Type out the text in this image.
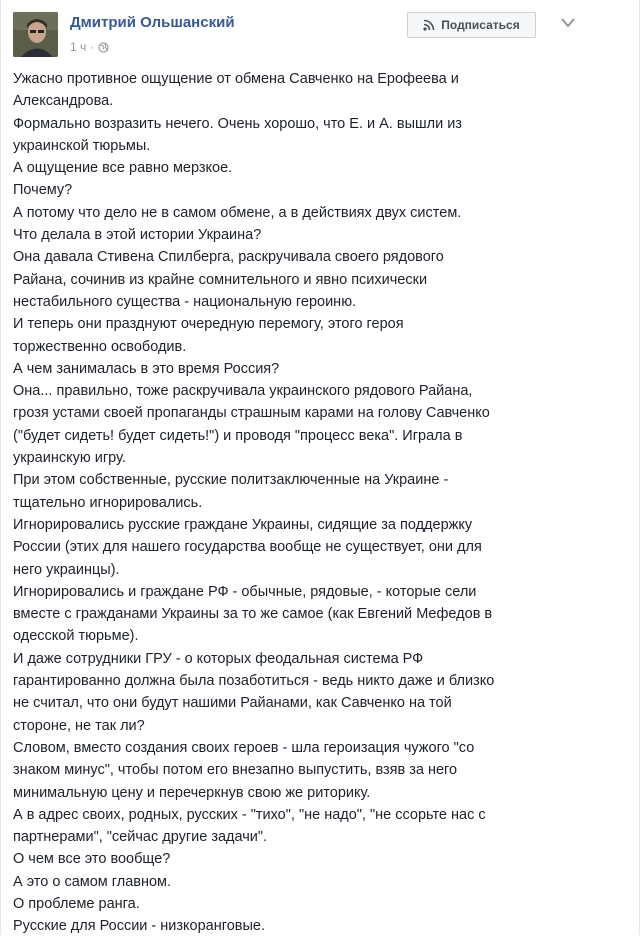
Дмитрий Ольшанский
1 ч ·
Подписаться
Ужасно противное ощущение от обмена Савченко на Ерофеева и
Александрова.
Формально возразить нечего. Очень хорошо, что Е. и А. вышли из
украинской тюрьмы.
А ощущение все равно мерзкое.
Почему?
А потому что дело не в самом обмене, а в действиях двух систем.
Что делала в этой истории Украина?
Она давала Стивена Спилберга, раскручивала своего рядового
Райана, сочинив из крайне сомнительного и явно психически
нестабильного существа - национальную героиню.
И теперь они празднуют очередную перемогу, этого героя
торжественно освободив.
А чем занималась в это время Россия?
Она... правильно, тоже раскручивала украинского рядового Райана,
грозя устами своей пропаганды страшным карами на голову Савченко
("будет сидеть! будет сидеть!") и проводя "процесс века". Играла в
украинскую игру.
При этом собственные, русские политзаключенные на Украине -
тщательно игнорировались.
Игнорировались русские граждане Украины, сидящие за поддержку
России (этих для нашего государства вообще не существует, они для
него украинцы).
Игнорировались и граждане РФ - обычные, рядовые, - которые сели
вместе с гражданами Украины за то же самое (как Евгений Мефедов в
одесской тюрьме).
И даже сотрудники ГРУ - о которых феодальная система РФ
гарантированно должна была позаботиться - ведь никто даже и близко
не считал, что они будут нашими Райанами, как Савченко на той
стороне, не так ли?
Словом, вместо создания своих героев - шла героизация чужого "со
знаком минус", чтобы потом его внезапно выпустить, взяв за него
минимальную цену и перечеркнув свою же риторику.
А в адрес своих, родных, русских - "тихо", "не надо", "не ссорьте нас с
партнерами", "сейчас другие задачи".
О чем все это вообще?
А это о самом главном.
О проблеме ранга.
Русские для России - низкоранговые.
